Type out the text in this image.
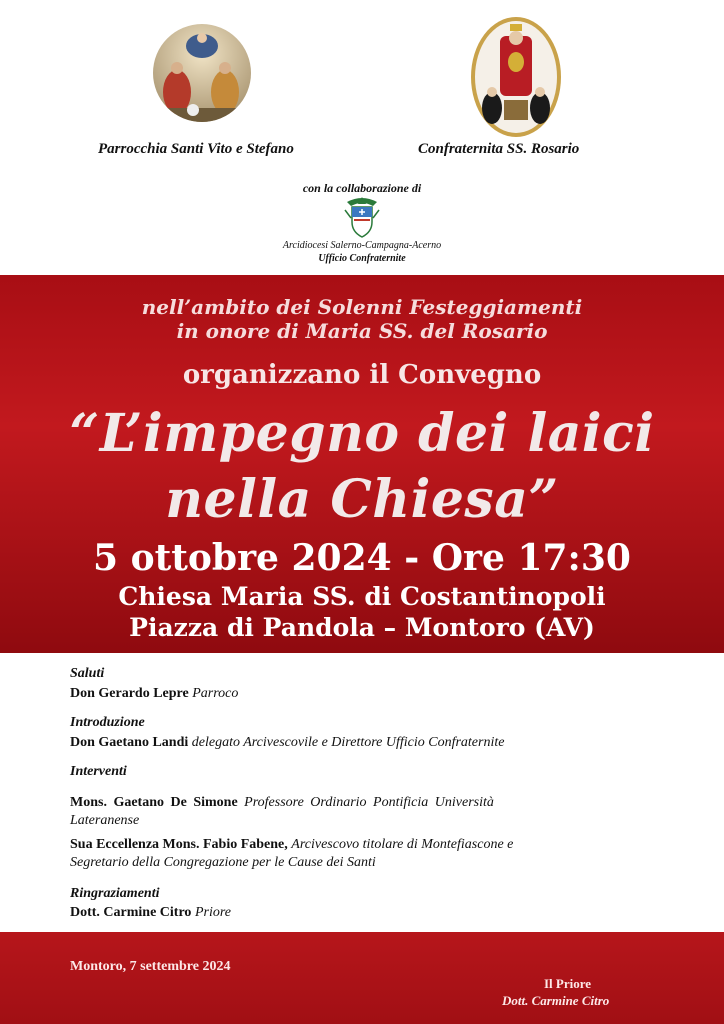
Parrocchia Santi Vito e Stefano	Confraternita SS. Rosario
con la collaborazione di
Arcidiocesi Salerno-Campagna-Acerno
Ufficio Confraternite
nell’ambito dei Solenni Festeggiamenti
in onore di Maria SS. del Rosario
organizzano il Convegno
“L’impegno dei laici
nella Chiesa”
5 ottobre 2024 - Ore 17:30
Chiesa Maria SS. di Costantinopoli
Piazza di Pandola – Montoro (AV)
Saluti
Don Gerardo Lepre Parroco
Introduzione
Don Gaetano Landi delegato Arcivescovile e Direttore Ufficio Confraternite
Interventi
Mons. Gaetano De Simone Professore Ordinario Pontificia Università
Lateranense
Sua Eccellenza Mons. Fabio Fabene, Arcivescovo titolare di Montefiascone e
Segretario della Congregazione per le Cause dei Santi
Ringraziamenti
Dott. Carmine Citro Priore
Montoro, 7 settembre 2024
Il Priore
Dott. Carmine Citro
